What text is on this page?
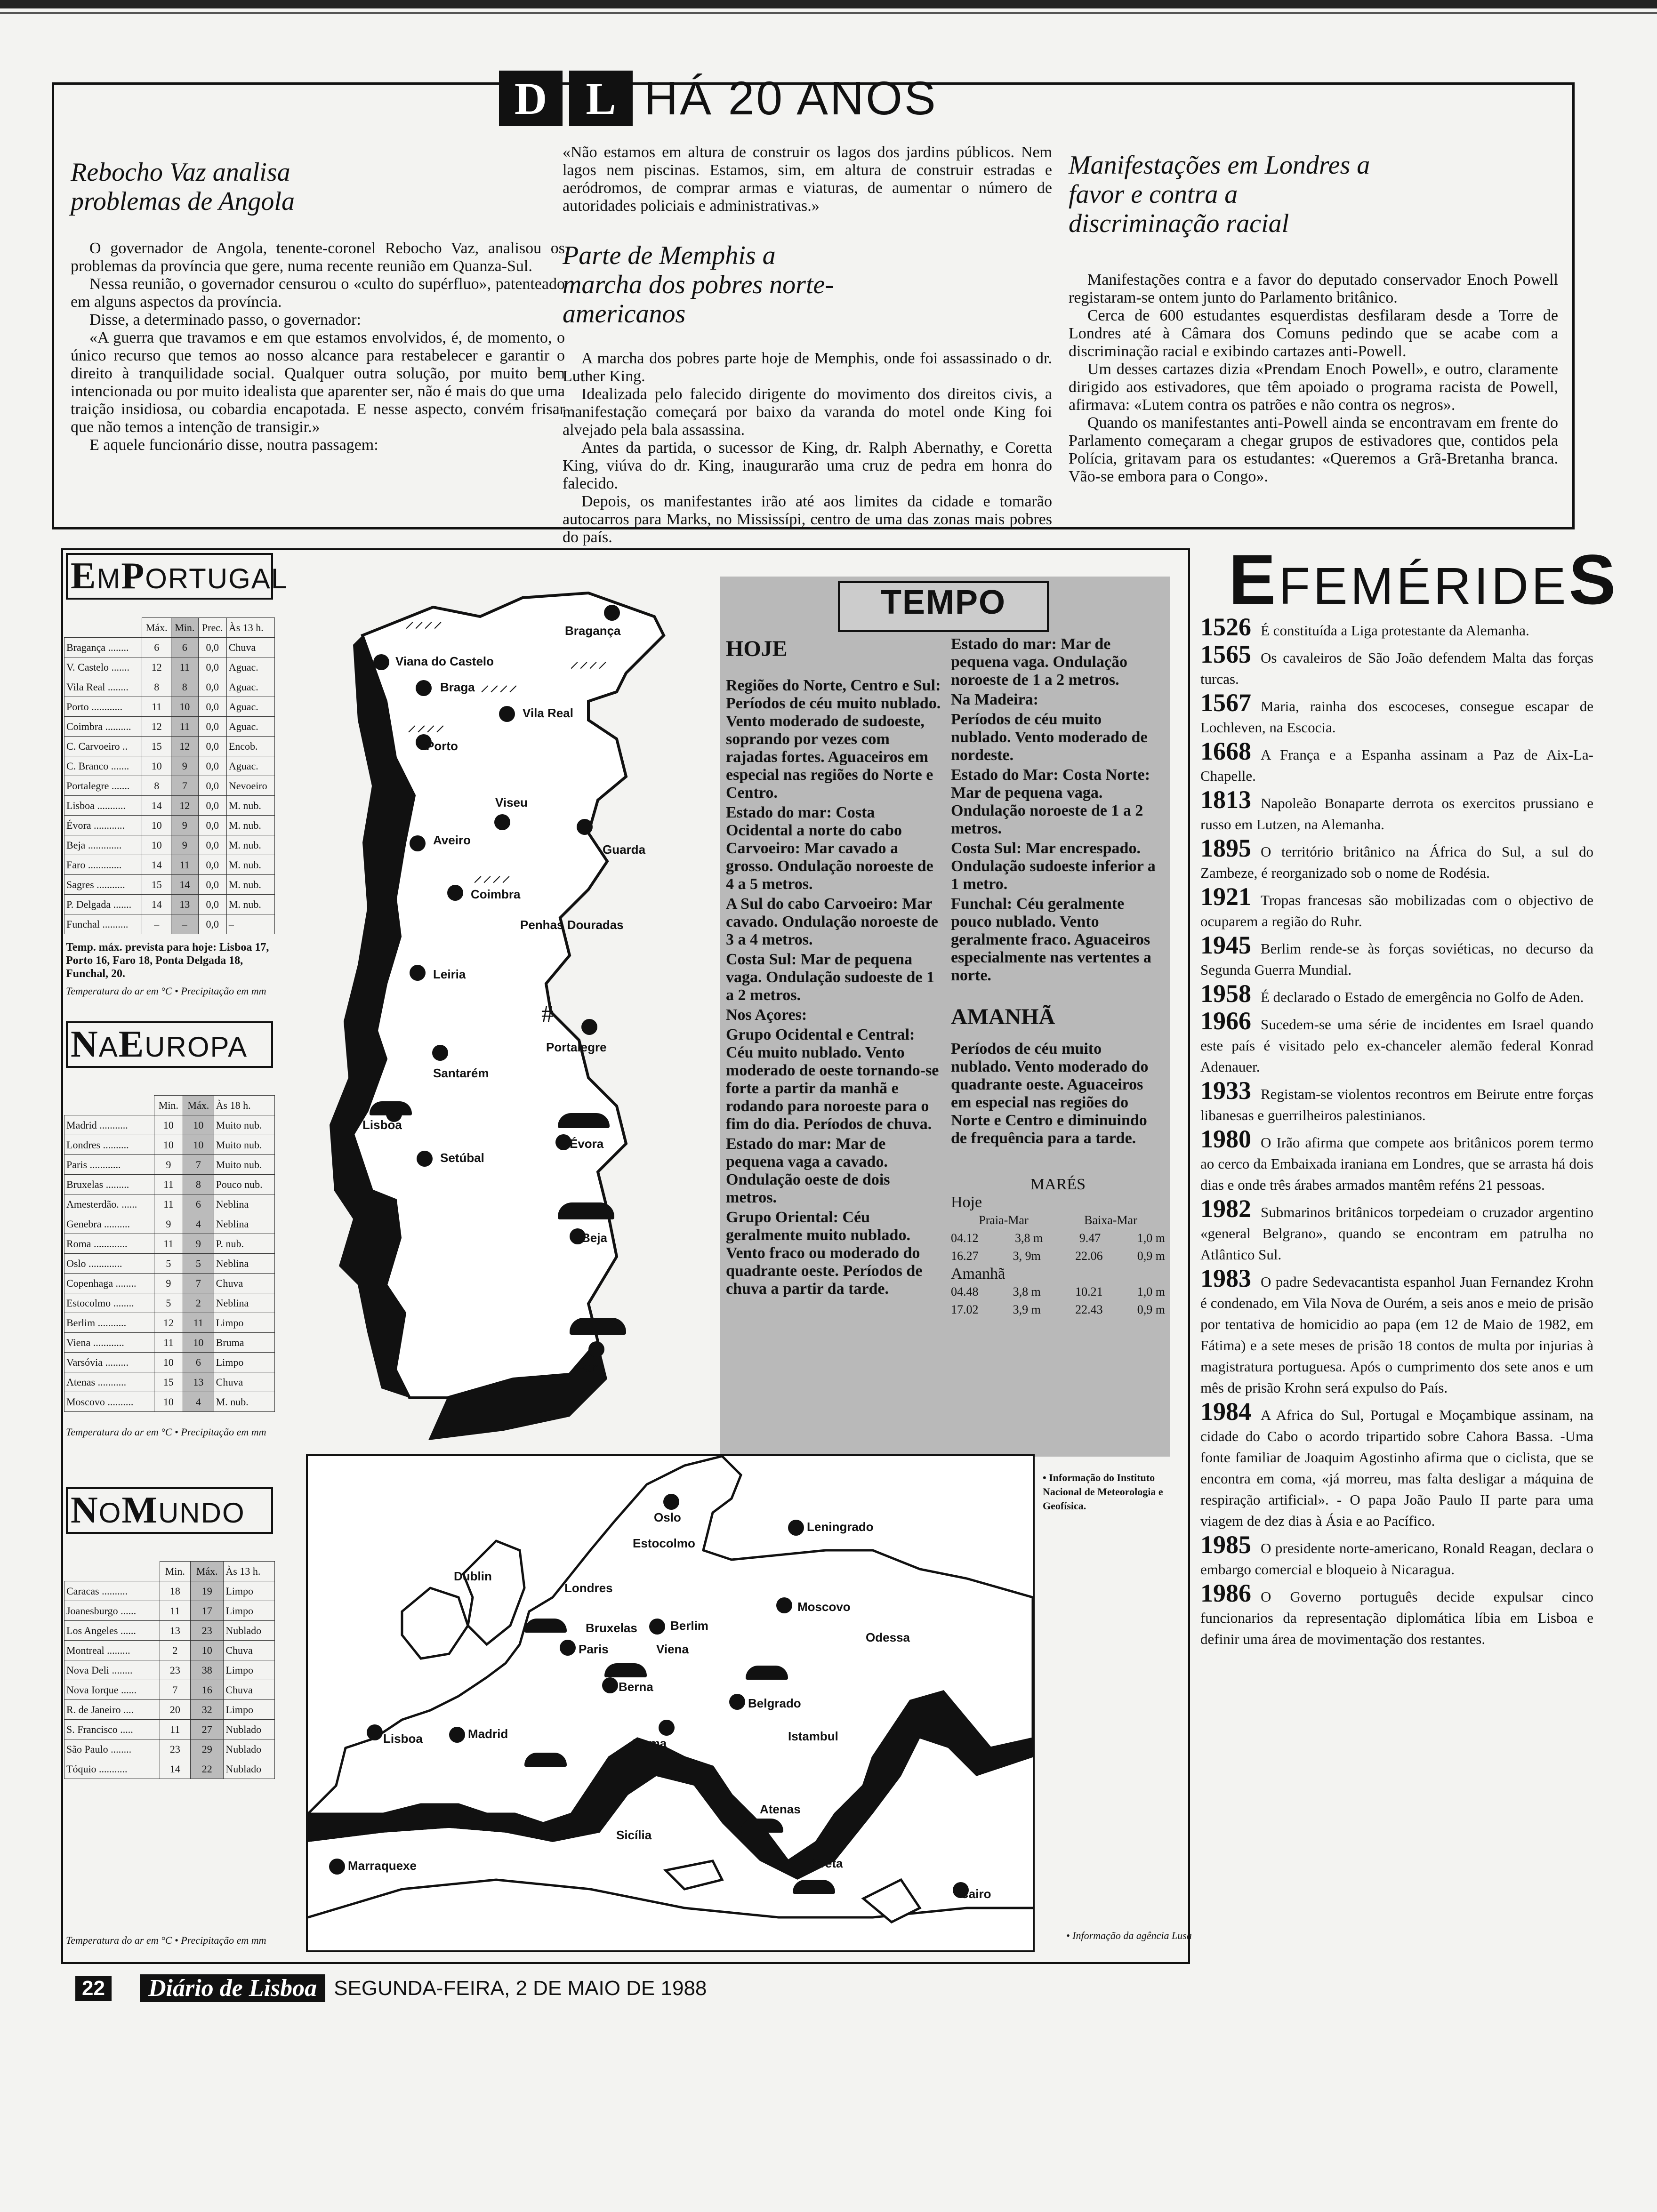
D L HÁ 20 ANOS
Rebocho Vaz analisa problemas de Angola

O governador de Angola, tenente-coronel Rebocho Vaz, analisou os problemas da província que gere, numa recente reunião em Quanza-Sul.

Nessa reunião, o governador censurou o «culto do supérfluo», patenteado em alguns aspectos da província.

Disse, a determinado passo, o governador:

«A guerra que travamos e em que estamos envolvidos, é, de momento, o único recurso que temos ao nosso alcance para restabelecer e garantir o direito à tranquilidade social. Qualquer outra solução, por muito bem intencionada ou por muito idealista que aparenter ser, não é mais do que uma traição insidiosa, ou cobardia encapotada. E nesse aspecto, convém frisar que não temos a intenção de transigir.»

E aquele funcionário disse, noutra passagem:

«Não estamos em altura de construir os lagos dos jardins públicos. Nem lagos nem piscinas. Estamos, sim, em altura de construir estradas e aeródromos, de comprar armas e viaturas, de aumentar o número de autoridades policiais e administrativas.»

Parte de Memphis a marcha dos pobres norte-americanos

A marcha dos pobres parte hoje de Memphis, onde foi assassinado o dr. Luther King.

Idealizada pelo falecido dirigente do movimento dos direitos civis, a manifestação começará por baixo da varanda do motel onde King foi alvejado pela bala assassina.

Antes da partida, o sucessor de King, dr. Ralph Abernathy, e Coretta King, viúva do dr. King, inaugurarão uma cruz de pedra em honra do falecido.

Depois, os manifestantes irão até aos limites da cidade e tomarão autocarros para Marks, no Mississípi, centro de uma das zonas mais pobres do país.

Manifestações em Londres a favor e contra a discriminação racial

Manifestações contra e a favor do deputado conservador Enoch Powell registaram-se ontem junto do Parlamento britânico.

Cerca de 600 estudantes esquerdistas desfilaram desde a Torre de Londres até à Câmara dos Comuns pedindo que se acabe com a discriminação racial e exibindo cartazes anti-Powell.

Um desses cartazes dizia «Prendam Enoch Powell», e outro, claramente dirigido aos estivadores, que têm apoiado o programa racista de Powell, afirmava: «Lutem contra os patrões e não contra os negros».

Quando os manifestantes anti-Powell ainda se encontravam em frente do Parlamento começaram a chegar grupos de estivadores que, contidos pela Polícia, gritavam para os estudantes: «Queremos a Grã-Bretanha branca. Vão-se embora para o Congo».

EMPORTUGAL
	Máx.	Min.	Prec.	Às 13 h.
Bragança ........	6	6	0,0	Chuva
V. Castelo .......	12	11	0,0	Aguac.
Vila Real ........	8	8	0,0	Aguac.
Porto ............	11	10	0,0	Aguac.
Coimbra ..........	12	11	0,0	Aguac.
C. Carvoeiro ..	15	12	0,0	Encob.
C. Branco .......	10	9	0,0	Aguac.
Portalegre .......	8	7	0,0	Nevoeiro
Lisboa ...........	14	12	0,0	M. nub.
Évora ............	10	9	0,0	M. nub.
Beja .............	10	9	0,0	M. nub.
Faro .............	14	11	0,0	M. nub.
Sagres ...........	15	14	0,0	M. nub.
P. Delgada .......	14	13	0,0	M. nub.
Funchal ..........	–	–	0,0	–
Temp. máx. prevista para hoje: Lisboa 17, Porto 16, Faro 18, Ponta Delgada 18, Funchal, 20.
Temperatura do ar em °C • Precipitação em mm
NAEUROPA
	Min.	Máx.	Às 18 h.
Madrid ...........	10	10	Muito nub.
Londres ..........	10	10	Muito nub.
Paris ............	9	7	Muito nub.
Bruxelas .........	11	8	Pouco nub.
Amesterdão. ......	11	6	Neblina
Genebra ..........	9	4	Neblina
Roma .............	11	9	P. nub.
Oslo .............	5	5	Neblina
Copenhaga ........	9	7	Chuva
Estocolmo ........	5	2	Neblina
Berlim ...........	12	11	Limpo
Viena ............	11	10	Bruma
Varsóvia .........	10	6	Limpo
Atenas ...........	15	13	Chuva
Moscovo ..........	10	4	M. nub.
Temperatura do ar em °C • Precipitação em mm
NOMUNDO
	Min.	Máx.	Às 13 h.
Caracas ..........	18	19	Limpo
Joanesburgo ......	11	17	Limpo
Los Angeles ......	13	23	Nublado
Montreal .........	2	10	Chuva
Nova Deli ........	23	38	Limpo
Nova Iorque ......	7	16	Chuva
R. de Janeiro ....	20	32	Limpo
S. Francisco .....	11	27	Nublado
São Paulo ........	23	29	Nublado
Tóquio ...........	14	22	Nublado
Temperatura do ar em °C • Precipitação em mm
Bragança
Viana do Castelo
Braga
Vila Real
Porto
Viseu
Aveiro
Guarda
Coimbra
Penhas Douradas
Leiria
Portalegre
Santarém
Lisboa
Setúbal
Évora
Beja
Faro
⸝⸝⸝⸝
⸝⸝⸝⸝
⸝⸝⸝⸝
⸝⸝⸝⸝
⸝⸝⸝⸝
#
TEMPO
HOJE

Regiões do Norte, Centro e Sul: Períodos de céu muito nublado. Vento moderado de sudoeste, soprando por vezes com rajadas fortes. Aguaceiros em especial nas regiões do Norte e Centro.

Estado do mar: Costa Ocidental a norte do cabo Carvoeiro: Mar cavado a grosso. Ondulação noroeste de 4 a 5 metros.

A Sul do cabo Carvoeiro: Mar cavado. Ondulação noroeste de 3 a 4 metros.

Costa Sul: Mar de pequena vaga. Ondulação sudoeste de 1 a 2 metros.

Nos Açores:

Grupo Ocidental e Central: Céu muito nublado. Vento moderado de oeste tornando-se forte a partir da manhã e rodando para noroeste para o fim do dia. Períodos de chuva.

Estado do mar: Mar de pequena vaga a cavado. Ondulação oeste de dois metros.

Grupo Oriental: Céu geralmente muito nublado. Vento fraco ou moderado do quadrante oeste. Períodos de chuva a partir da tarde.

Estado do mar: Mar de pequena vaga. Ondulação noroeste de 1 a 2 metros.

Na Madeira:

Períodos de céu muito nublado. Vento moderado de nordeste.

Estado do Mar: Costa Norte: Mar de pequena vaga. Ondulação noroeste de 1 a 2 metros.

Costa Sul: Mar encrespado. Ondulação sudoeste inferior a 1 metro.

Funchal: Céu geralmente pouco nublado. Vento geralmente fraco. Aguaceiros especialmente nas vertentes a norte.

AMANHÃ

Períodos de céu muito nublado. Vento moderado do quadrante oeste. Aguaceiros em especial nas regiões do Norte e Centro e diminuindo de frequência para a tarde.

MARÉS
Hoje
Praia-Mar	Baixa-Mar
04.12	3,8 m	9.47	1,0 m
16.27	3, 9m	22.06	0,9 m
Amanhã
04.48	3,8 m	10.21	1,0 m
17.02	3,9 m	22.43	0,9 m
• Informação do Instituto Nacional de Meteorologia e Geofísica.
Oslo
Estocolmo
Leningrado
Dublin
Londres
Moscovo
Bruxelas	Berlim
Paris	Viena
Odessa
Berna
Belgrado
Lisboa	Madrid
Roma	Istambul
Atenas
Sicília
Creta
Marraquexe
Cairo
• Informação da agência Lusa
EFEMÉRIDES
1526 É constituída a Liga protestante da Alemanha.
1565 Os cavaleiros de São João defendem Malta das forças turcas.
1567 Maria, rainha dos escoceses, consegue escapar de Lochleven, na Escocia.
1668 A França e a Espanha assinam a Paz de Aix-La-Chapelle.
1813 Napoleão Bonaparte derrota os exercitos prussiano e russo em Lutzen, na Alemanha.
1895 O território britânico na África do Sul, a sul do Zambeze, é reorganizado sob o nome de Rodésia.
1921 Tropas francesas são mobilizadas com o objectivo de ocuparem a região do Ruhr.
1945 Berlim rende-se às forças soviéticas, no decurso da Segunda Guerra Mundial.
1958 É declarado o Estado de emergência no Golfo de Aden.
1966 Sucedem-se uma série de incidentes em Israel quando este país é visitado pelo ex-chanceler alemão federal Konrad Adenauer.
1933 Registam-se violentos recontros em Beirute entre forças libanesas e guerrilheiros palestinianos.
1980 O Irão afirma que compete aos britânicos porem termo ao cerco da Embaixada iraniana em Londres, que se arrasta há dois dias e onde três árabes armados mantêm reféns 21 pessoas.
1982 Submarinos britânicos torpedeiam o cruzador argentino «general Belgrano», quando se encontram em patrulha no Atlântico Sul.
1983 O padre Sedevacantista espanhol Juan Fernandez Krohn é condenado, em Vila Nova de Ourém, a seis anos e meio de prisão por tentativa de homicidio ao papa (em 12 de Maio de 1982, em Fátima) e a sete meses de prisão 18 contos de multa por injurias à magistratura portuguesa. Após o cumprimento dos sete anos e um mês de prisão Krohn será expulso do País.
1984 A Africa do Sul, Portugal e Moçambique assinam, na cidade do Cabo o acordo tripartido sobre Cahora Bassa. -Uma fonte familiar de Joaquim Agostinho afirma que o ciclista, que se encontra em coma, «já morreu, mas falta desligar a máquina de respiração artificial». - O papa João Paulo II parte para uma viagem de dez dias à Ásia e ao Pacífico.
1985 O presidente norte-americano, Ronald Reagan, declara o embargo comercial e bloqueio à Nicaragua.
1986 O Governo português decide expulsar cinco funcionarios da representação diplomática líbia em Lisboa e definir uma área de movimentação dos restantes.
22	Diário de Lisboa SEGUNDA-FEIRA, 2 DE MAIO DE 1988
